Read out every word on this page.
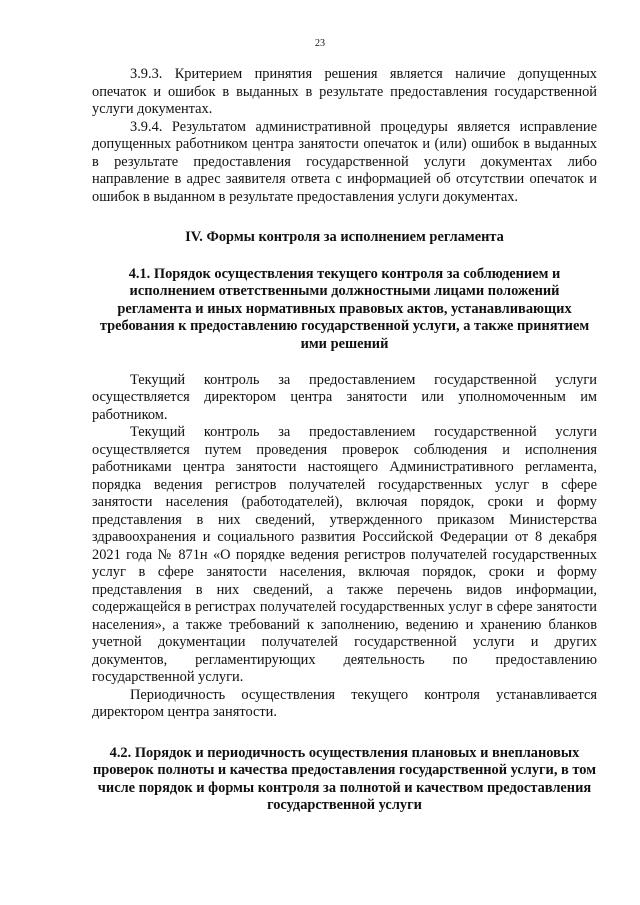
23

3.9.3. Критерием принятия решения является наличие допущенных опечаток и ошибок в выданных в результате предоставления государственной услуги документах.

3.9.4. Результатом административной процедуры является исправление допущенных работником центра занятости опечаток и (или) ошибок в выданных в результате предоставления государственной услуги документах либо направление в адрес заявителя ответа с информацией об отсутствии опечаток и ошибок в выданном в результате предоставления услуги документах.

IV. Формы контроля за исполнением регламента
4.1. Порядок осуществления текущего контроля за соблюдением и исполнением ответственными должностными лицами положений регламента и иных нормативных правовых актов, устанавливающих требования к предоставлению государственной услуги, а также принятием ими решений

Текущий контроль за предоставлением государственной услуги осуществляется директором центра занятости или уполномоченным им работником.

Текущий контроль за предоставлением государственной услуги осуществляется путем проведения проверок соблюдения и исполнения работниками центра занятости настоящего Административного регламента, порядка ведения регистров получателей государственных услуг в сфере занятости населения (работодателей), включая порядок, сроки и форму представления в них сведений, утвержденного приказом Министерства здравоохранения и социального развития Российской Федерации от 8 декабря 2021 года № 871н «О порядке ведения регистров получателей государственных услуг в сфере занятости населения, включая порядок, сроки и форму представления в них сведений, а также перечень видов информации, содержащейся в регистрах получателей государственных услуг в сфере занятости населения», а также требований к заполнению, ведению и хранению бланков учетной документации получателей государственной услуги и других документов, регламентирующих деятельность по предоставлению государственной услуги.

Периодичность осуществления текущего контроля устанавливается директором центра занятости.

4.2. Порядок и периодичность осуществления плановых и внеплановых проверок полноты и качества предоставления государственной услуги, в том числе порядок и формы контроля за полнотой и качеством предоставления государственной услуги
